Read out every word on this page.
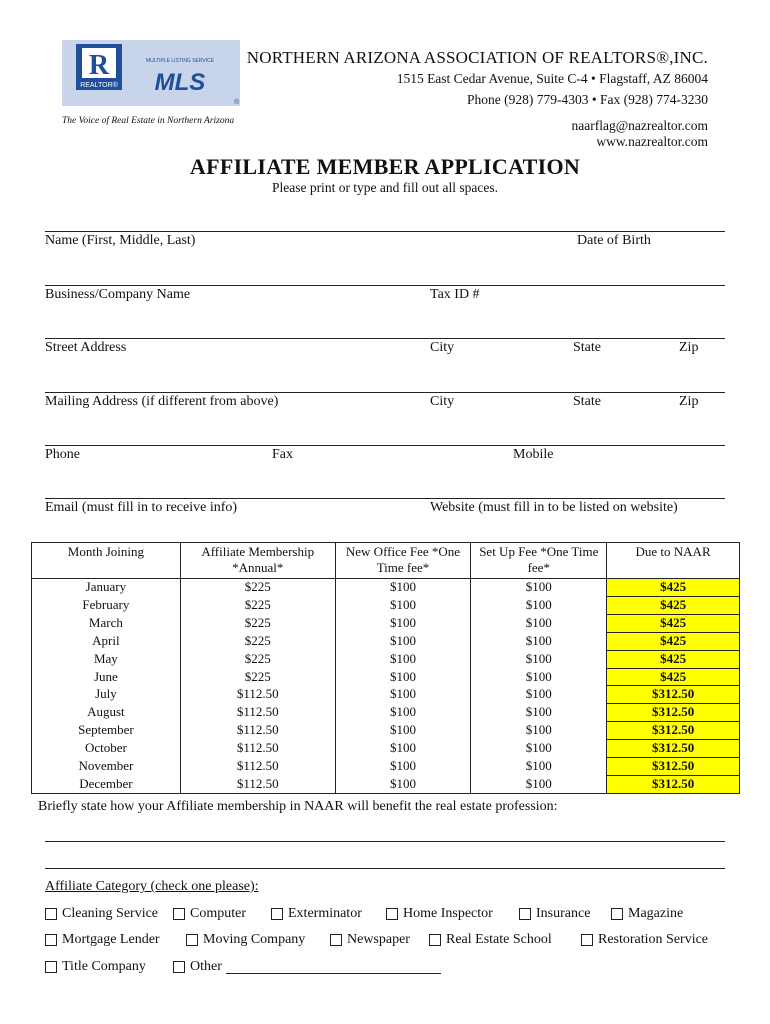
R
REALTOR®
MULTIPLE LISTING SERVICE
MLS
®
The Voice of Real Estate in Northern Arizona
NORTHERN ARIZONA ASSOCIATION OF REALTORS®,INC.
1515 East Cedar Avenue, Suite C-4 • Flagstaff, AZ 86004
Phone (928) 779-4303 • Fax (928) 774-3230
naarflag@nazrealtor.com
www.nazrealtor.com
AFFILIATE MEMBER APPLICATION
Please print or type and fill out all spaces.
Name (First, Middle, Last)	Date of Birth
Business/Company Name	Tax ID #
Street Address	City	State	Zip
Mailing Address (if different from above)	City	State	Zip
Phone	Fax	Mobile
Email (must fill in to receive info)	Website (must fill in to be listed on website)
Month Joining	Affiliate Membership *Annual*	New Office Fee *One Time fee*	Set Up Fee *One Time fee*	Due to NAAR
January	$225	$100	$100	$425
February	$225	$100	$100	$425
March	$225	$100	$100	$425
April	$225	$100	$100	$425
May	$225	$100	$100	$425
June	$225	$100	$100	$425
July	$112.50	$100	$100	$312.50
August	$112.50	$100	$100	$312.50
September	$112.50	$100	$100	$312.50
October	$112.50	$100	$100	$312.50
November	$112.50	$100	$100	$312.50
December	$112.50	$100	$100	$312.50
Briefly state how your Affiliate membership in NAAR will benefit the real estate profession:
Affiliate Category (check one please):
Cleaning Service Computer	Exterminator	Home Inspector	Insurance	Magazine
Mortgage Lender	Moving Company	Newspaper	Real Estate School	Restoration Service
Title Company	Other
